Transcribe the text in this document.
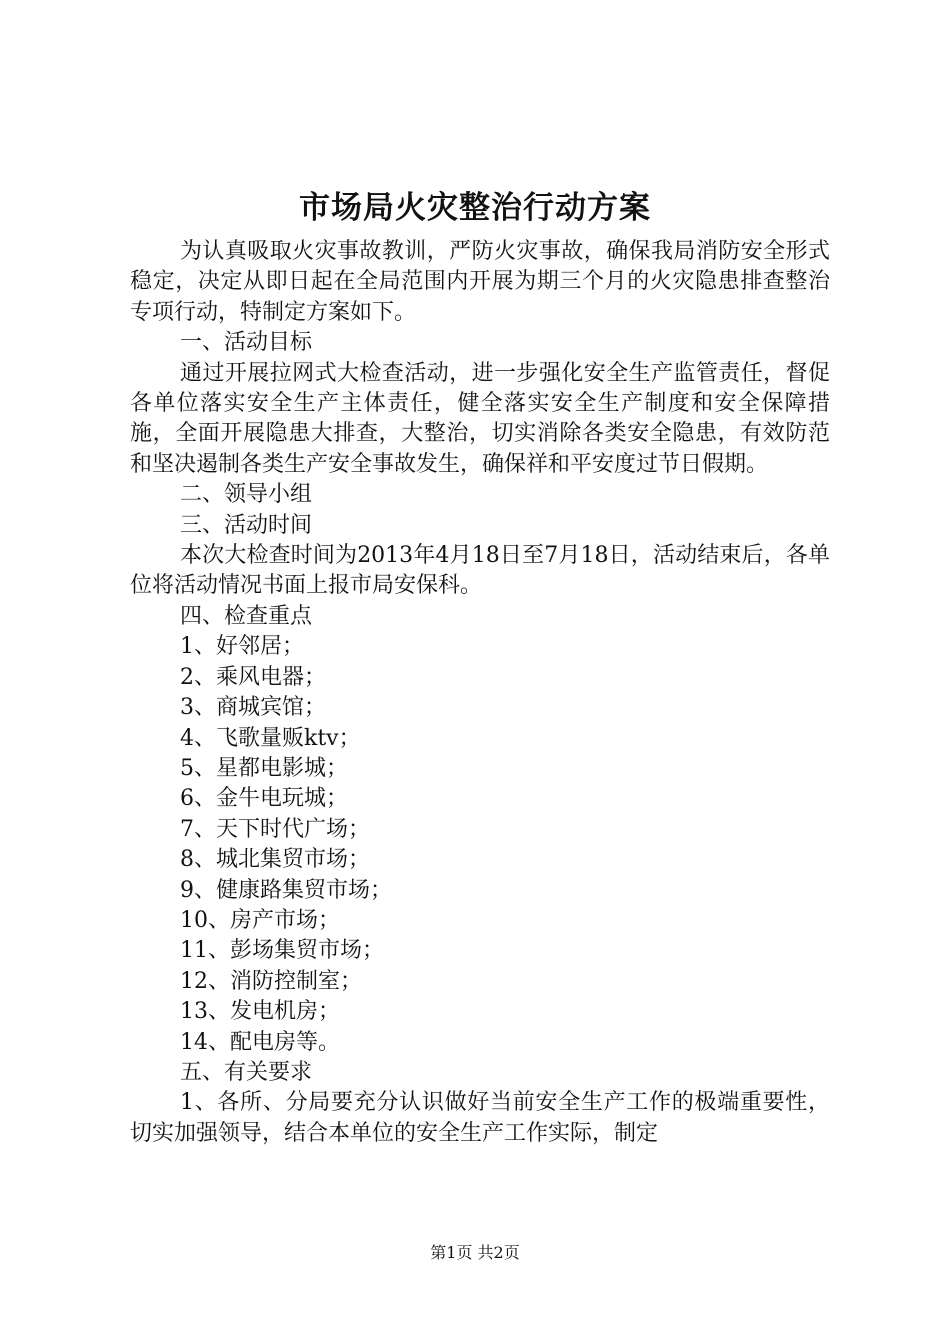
市场局火灾整治行动方案

为认真吸取火灾事故教训，严防火灾事故，确保我局消防安全形式稳定，决定从即日起在全局范围内开展为期三个月的火灾隐患排查整治专项行动，特制定方案如下。

一、活动目标

通过开展拉网式大检查活动，进一步强化安全生产监管责任，督促各单位落实安全生产主体责任，健全落实安全生产制度和安全保障措施，全面开展隐患大排查，大整治，切实消除各类安全隐患，有效防范和坚决遏制各类生产安全事故发生，确保祥和平安度过节日假期。

二、领导小组

三、活动时间

本次大检查时间为2013年4月18日至7月18日，活动结束后，各单位将活动情况书面上报市局安保科。

四、检查重点

1、好邻居；

2、乘风电器；

3、商城宾馆；

4、飞歌量贩ktv；

5、星都电影城；

6、金牛电玩城；

7、天下时代广场；

8、城北集贸市场；

9、健康路集贸市场；

10、房产市场；

11、彭场集贸市场；

12、消防控制室；

13、发电机房；

14、配电房等。

五、有关要求

1、各所、分局要充分认识做好当前安全生产工作的极端重要性，切实加强领导，结合本单位的安全生产工作实际，制定

第1页 共2页
